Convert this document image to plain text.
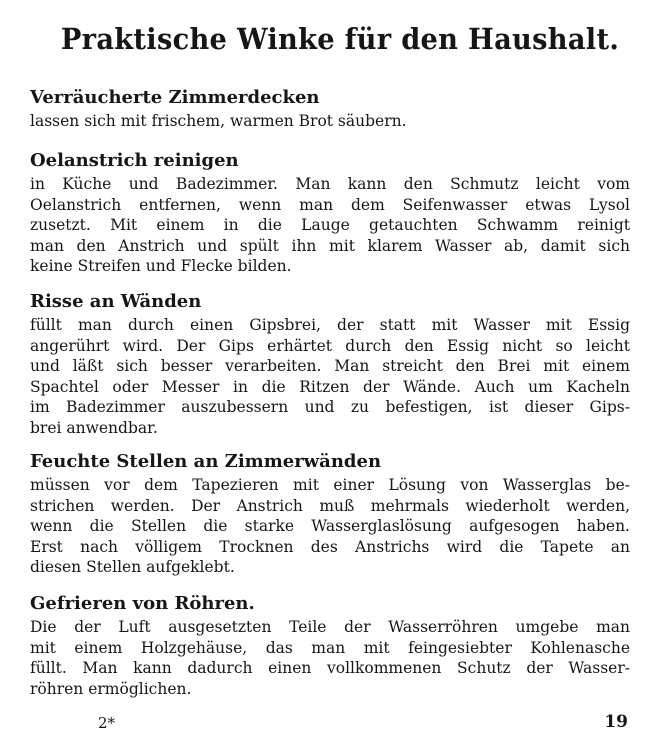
Praktische Winke für den Haushalt.
Verräucherte Zimmerdecken
lassen sich mit frischem, warmen Brot säubern.
Oelanstrich reinigen
in Küche und Badezimmer. Man kann den Schmutz leicht vom
Oelanstrich entfernen, wenn man dem Seifenwasser etwas Lysol
zusetzt. Mit einem in die Lauge getauchten Schwamm reinigt
man den Anstrich und spült ihn mit klarem Wasser ab, damit sich
keine Streifen und Flecke bilden.
Risse an Wänden
füllt man durch einen Gipsbrei, der statt mit Wasser mit Essig
angerührt wird. Der Gips erhärtet durch den Essig nicht so leicht
und läßt sich besser verarbeiten. Man streicht den Brei mit einem
Spachtel oder Messer in die Ritzen der Wände. Auch um Kacheln
im Badezimmer auszubessern und zu befestigen, ist dieser Gips-
brei anwendbar.
Feuchte Stellen an Zimmerwänden
müssen vor dem Tapezieren mit einer Lösung von Wasserglas be-
strichen werden. Der Anstrich muß mehrmals wiederholt werden,
wenn die Stellen die starke Wasserglaslösung aufgesogen haben.
Erst nach völligem Trocknen des Anstrichs wird die Tapete an
diesen Stellen aufgeklebt.
Gefrieren von Röhren.
Die der Luft ausgesetzten Teile der Wasserröhren umgebe man
mit einem Holzgehäuse, das man mit feingesiebter Kohlenasche
füllt. Man kann dadurch einen vollkommenen Schutz der Wasser-
röhren ermöglichen.
2*	19
